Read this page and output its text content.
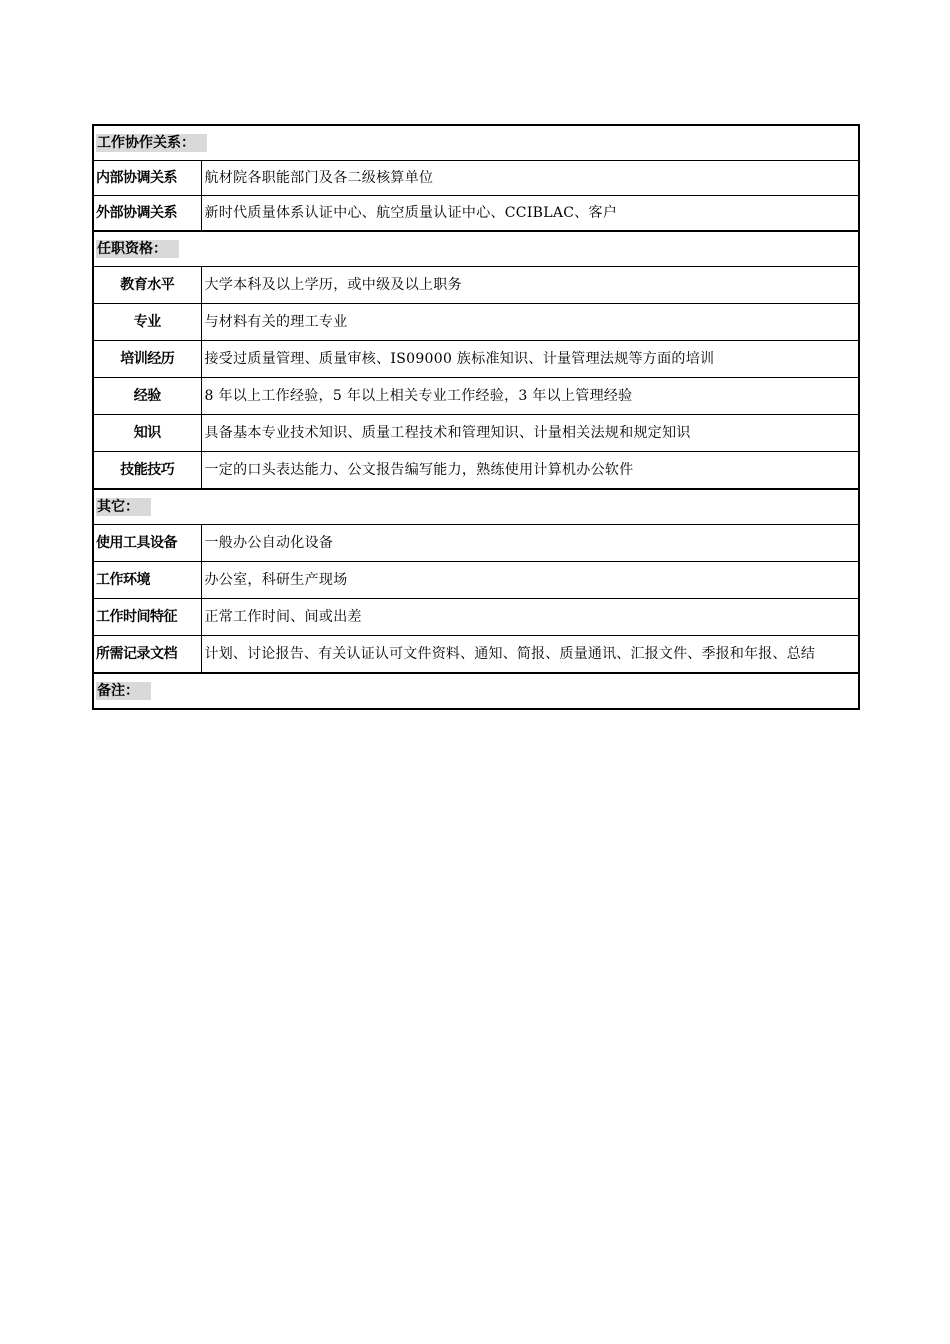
工作协作关系：	
内部协调关系	航材院各职能部门及各二级核算单位
外部协调关系	新时代质量体系认证中心、航空质量认证中心、CCIBLAC、客户
任职资格：	
教育水平	大学本科及以上学历，或中级及以上职务
专业	与材料有关的理工专业
培训经历	接受过质量管理、质量审核、IS09000 族标准知识、计量管理法规等方面的培训
经验	8 年以上工作经验，5 年以上相关专业工作经验，3 年以上管理经验
知识	具备基本专业技术知识、质量工程技术和管理知识、计量相关法规和规定知识
技能技巧	一定的口头表达能力、公文报告编写能力，熟练使用计算机办公软件
其它：	
使用工具设备	一般办公自动化设备
工作环境	办公室，科研生产现场
工作时间特征	正常工作时间、间或出差
所需记录文档	计划、讨论报告、有关认证认可文件资料、通知、简报、质量通讯、汇报文件、季报和年报、总结
备注：	
